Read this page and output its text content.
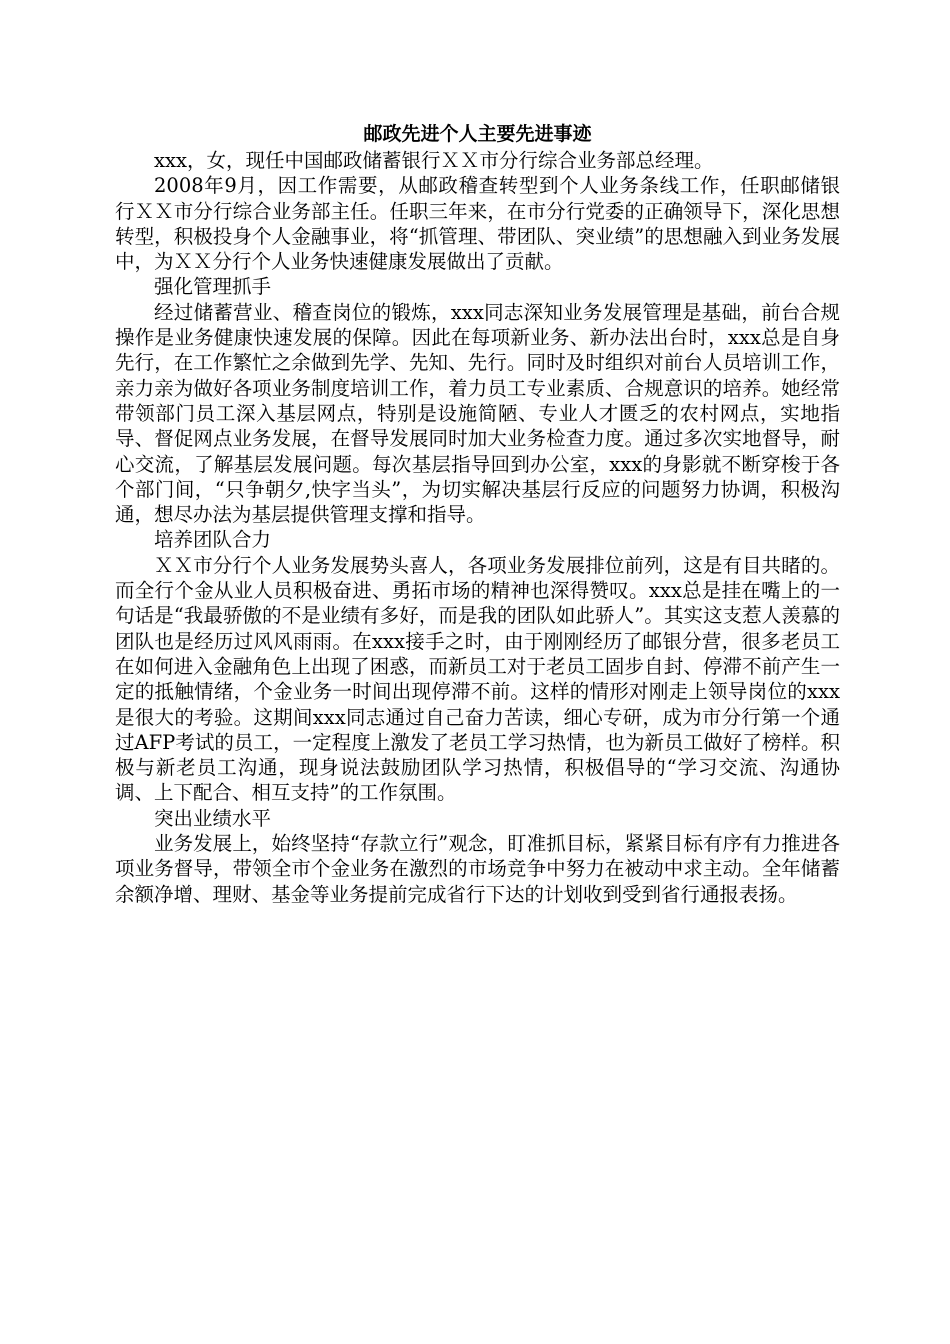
邮政先进个人主要先进事迹

xxx，女，现任中国邮政储蓄银行ＸＸ市分行综合业务部总经理。

2008年9月，因工作需要，从邮政稽查转型到个人业务条线工作，任职邮储银行ＸＸ市分行综合业务部主任。任职三年来，在市分行党委的正确领导下，深化思想转型，积极投身个人金融事业，将“抓管理、带团队、突业绩”的思想融入到业务发展中，为ＸＸ分行个人业务快速健康发展做出了贡献。

强化管理抓手

经过储蓄营业、稽查岗位的锻炼，xxx同志深知业务发展管理是基础，前台合规操作是业务健康快速发展的保障。因此在每项新业务、新办法出台时，xxx总是自身先行，在工作繁忙之余做到先学、先知、先行。同时及时组织对前台人员培训工作，亲力亲为做好各项业务制度培训工作，着力员工专业素质、合规意识的培养。她经常带领部门员工深入基层网点，特别是设施简陋、专业人才匮乏的农村网点，实地指导、督促网点业务发展，在督导发展同时加大业务检查力度。通过多次实地督导，耐心交流，了解基层发展问题。每次基层指导回到办公室，xxx的身影就不断穿梭于各个部门间，“只争朝夕,快字当头”，为切实解决基层行反应的问题努力协调，积极沟通，想尽办法为基层提供管理支撑和指导。

培养团队合力

ＸＸ市分行个人业务发展势头喜人，各项业务发展排位前列，这是有目共睹的。而全行个金从业人员积极奋进、勇拓市场的精神也深得赞叹。xxx总是挂在嘴上的一句话是“我最骄傲的不是业绩有多好，而是我的团队如此骄人”。其实这支惹人羡慕的团队也是经历过风风雨雨。在xxx接手之时，由于刚刚经历了邮银分营，很多老员工在如何进入金融角色上出现了困惑，而新员工对于老员工固步自封、停滞不前产生一定的抵触情绪，个金业务一时间出现停滞不前。这样的情形对刚走上领导岗位的xxx是很大的考验。这期间xxx同志通过自己奋力苦读，细心专研，成为市分行第一个通过AFP考试的员工，一定程度上激发了老员工学习热情，也为新员工做好了榜样。积极与新老员工沟通，现身说法鼓励团队学习热情，积极倡导的“学习交流、沟通协调、上下配合、相互支持”的工作氛围。

突出业绩水平

业务发展上，始终坚持“存款立行”观念，盯准抓目标，紧紧目标有序有力推进各项业务督导，带领全市个金业务在激烈的市场竞争中努力在被动中求主动。全年储蓄余额净增、理财、基金等业务提前完成省行下达的计划收到受到省行通报表扬。
